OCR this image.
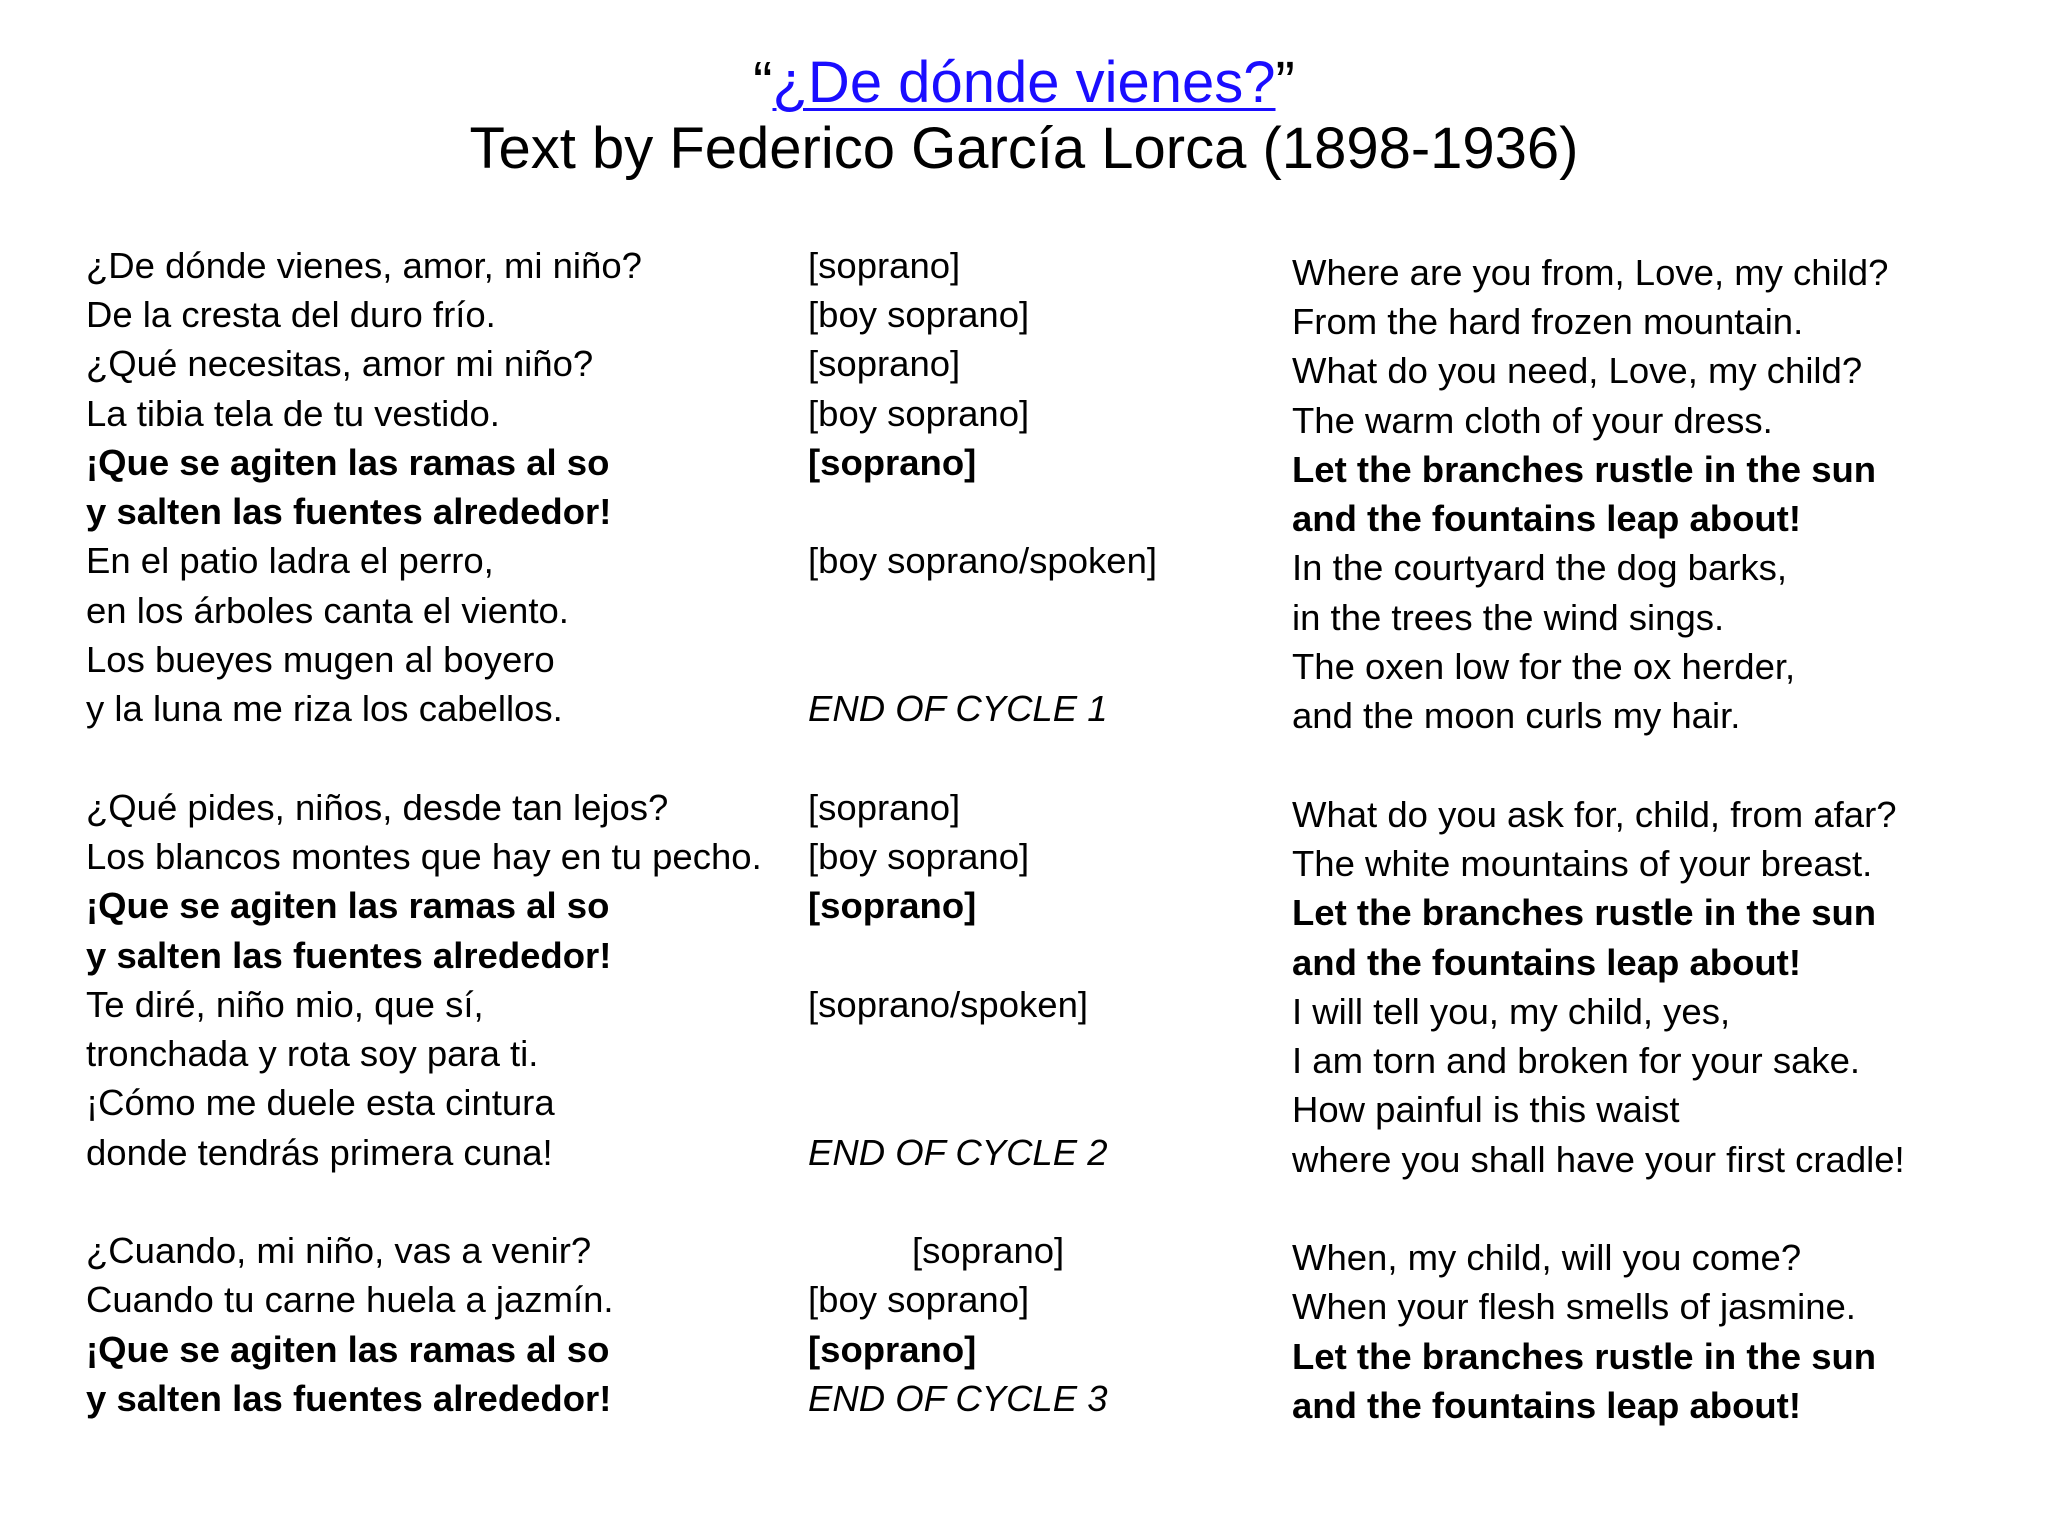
“¿De dónde vienes?”
Text by Federico García Lorca (1898-1936)
¿De dónde vienes, amor, mi niño?
De la cresta del duro frío.
¿Qué necesitas, amor mi niño?
La tibia tela de tu vestido.
¡Que se agiten las ramas al so
y salten las fuentes alrededor!
En el patio ladra el perro,
en los árboles canta el viento.
Los bueyes mugen al boyero
y la luna me riza los cabellos.
¿Qué pides, niños, desde tan lejos?
Los blancos montes que hay en tu pecho.
¡Que se agiten las ramas al so
y salten las fuentes alrededor!
Te diré, niño mio, que sí,
tronchada y rota soy para ti.
¡Cómo me duele esta cintura
donde tendrás primera cuna!
¿Cuando, mi niño, vas a venir?
Cuando tu carne huela a jazmín.
¡Que se agiten las ramas al so
y salten las fuentes alrededor!
[soprano]
[boy soprano]
[soprano]
[boy soprano]
[soprano]
[boy soprano/spoken]
END OF CYCLE 1
[soprano]
[boy soprano]
[soprano]
[soprano/spoken]
END OF CYCLE 2
[soprano]
[boy soprano]
[soprano]
END OF CYCLE 3
Where are you from, Love, my child?
From the hard frozen mountain.
What do you need, Love, my child?
The warm cloth of your dress.
Let the branches rustle in the sun
and the fountains leap about!
In the courtyard the dog barks,
in the trees the wind sings.
The oxen low for the ox herder,
and the moon curls my hair.
What do you ask for, child, from afar?
The white mountains of your breast.
Let the branches rustle in the sun
and the fountains leap about!
I will tell you, my child, yes,
I am torn and broken for your sake.
How painful is this waist
where you shall have your first cradle!
When, my child, will you come?
When your flesh smells of jasmine.
Let the branches rustle in the sun
and the fountains leap about!
